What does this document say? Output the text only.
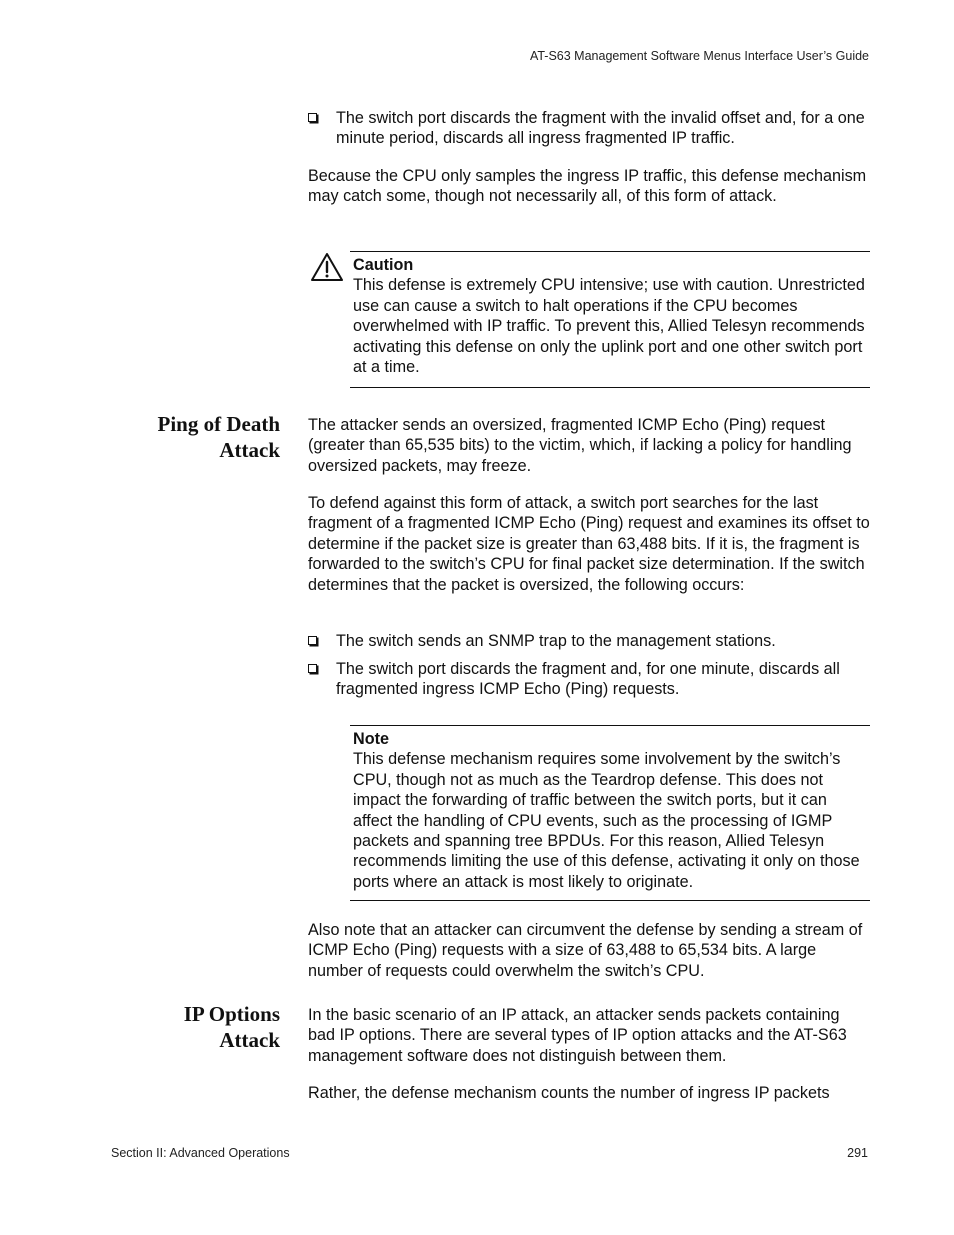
AT-S63 Management Software Menus Interface User’s Guide
The switch port discards the fragment with the invalid offset and, for a one minute period, discards all ingress fragmented IP traffic.

Because the CPU only samples the ingress IP traffic, this defense mechanism may catch some, though not necessarily all, of this form of attack.

Caution
This defense is extremely CPU intensive; use with caution. Unrestricted use can cause a switch to halt operations if the CPU becomes overwhelmed with IP traffic. To prevent this, Allied Telesyn recommends activating this defense on only the uplink port and one other switch port at a time.
Ping of Death
Attack

The attacker sends an oversized, fragmented ICMP Echo (Ping) request (greater than 65,535 bits) to the victim, which, if lacking a policy for handling oversized packets, may freeze.

To defend against this form of attack, a switch port searches for the last fragment of a fragmented ICMP Echo (Ping) request and examines its offset to determine if the packet size is greater than 63,488 bits. If it is, the fragment is forwarded to the switch’s CPU for final packet size determination. If the switch determines that the packet is oversized, the following occurs:

The switch sends an SNMP trap to the management stations.
The switch port discards the fragment and, for one minute, discards all fragmented ingress ICMP Echo (Ping) requests.
Note
This defense mechanism requires some involvement by the switch’s CPU, though not as much as the Teardrop defense. This does not impact the forwarding of traffic between the switch ports, but it can affect the handling of CPU events, such as the processing of IGMP packets and spanning tree BPDUs. For this reason, Allied Telesyn recommends limiting the use of this defense, activating it only on those ports where an attack is most likely to originate.

Also note that an attacker can circumvent the defense by sending a stream of ICMP Echo (Ping) requests with a size of 63,488 to 65,534 bits. A large number of requests could overwhelm the switch’s CPU.

IP Options
Attack

In the basic scenario of an IP attack, an attacker sends packets containing bad IP options. There are several types of IP option attacks and the AT-S63 management software does not distinguish between them.

Rather, the defense mechanism counts the number of ingress IP packets

Section II: Advanced Operations	291
